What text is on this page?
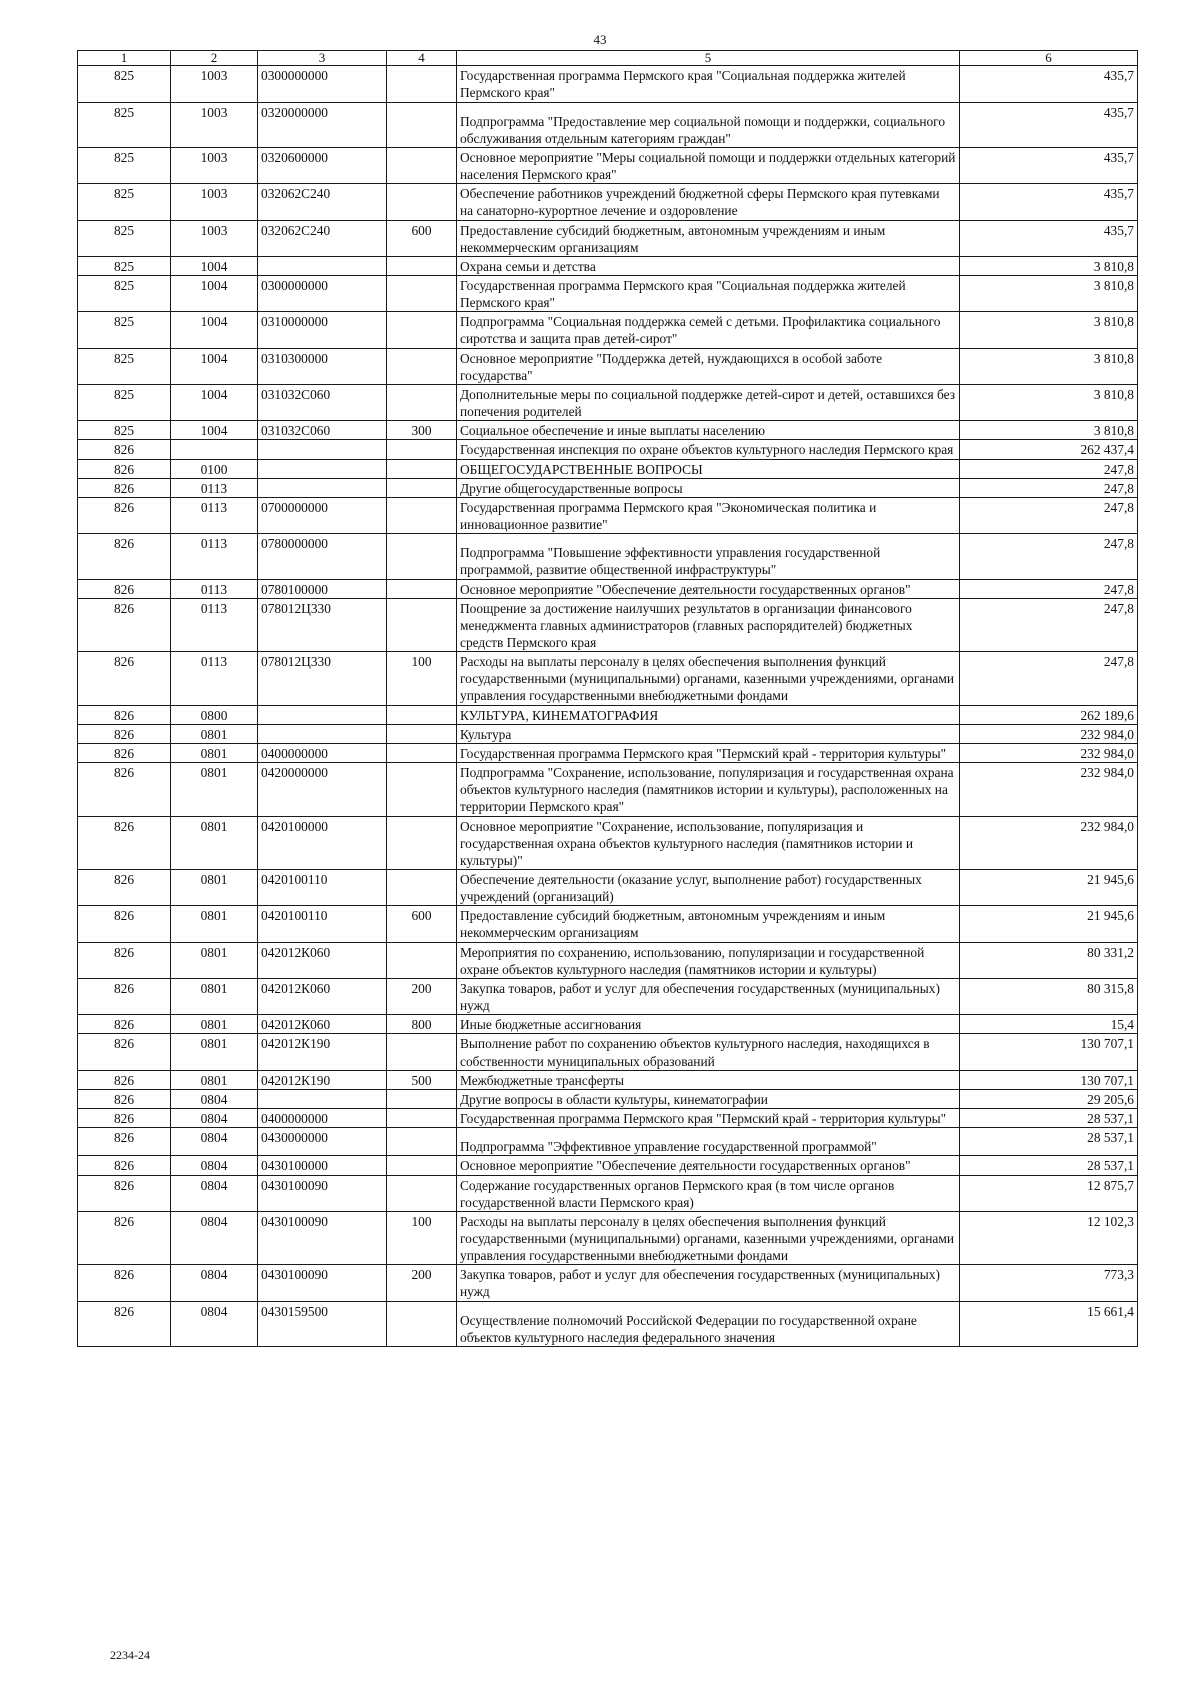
43
1	2	3	4	5	6
825	1003	0300000000		Государственная программа Пермского края "Социальная поддержка жителей Пермского края"	435,7
825	1003	0320000000		Подпрограмма "Предоставление мер социальной помощи и поддержки, социального обслуживания отдельным категориям граждан"	435,7
825	1003	0320600000		Основное мероприятие "Меры социальной помощи и поддержки отдельных категорий населения Пермского края"	435,7
825	1003	032062С240		Обеспечение работников учреждений бюджетной сферы Пермского края путевками на санаторно-курортное лечение и оздоровление	435,7
825	1003	032062С240	600	Предоставление субсидий бюджетным, автономным учреждениям и иным некоммерческим организациям	435,7
825	1004			Охрана семьи и детства	3 810,8
825	1004	0300000000		Государственная программа Пермского края "Социальная поддержка жителей Пермского края"	3 810,8
825	1004	0310000000		Подпрограмма "Социальная поддержка семей с детьми. Профилактика социального сиротства и защита прав детей-сирот"	3 810,8
825	1004	0310300000		Основное мероприятие "Поддержка детей, нуждающихся в особой заботе государства"	3 810,8
825	1004	031032С060		Дополнительные меры по социальной поддержке детей-сирот и детей, оставшихся без попечения родителей	3 810,8
825	1004	031032С060	300	Социальное обеспечение и иные выплаты населению	3 810,8
826				Государственная инспекция по охране объектов культурного наследия Пермского края	262 437,4
826	0100			ОБЩЕГОСУДАРСТВЕННЫЕ ВОПРОСЫ	247,8
826	0113			Другие общегосударственные вопросы	247,8
826	0113	0700000000		Государственная программа Пермского края "Экономическая политика и инновационное развитие"	247,8
826	0113	0780000000		Подпрограмма "Повышение эффективности управления государственной программой, развитие общественной инфраструктуры"	247,8
826	0113	0780100000		Основное мероприятие "Обеспечение деятельности государственных органов"	247,8
826	0113	078012Ц330		Поощрение за достижение наилучших результатов в организации финансового менеджмента главных администраторов (главных распорядителей) бюджетных средств Пермского края	247,8
826	0113	078012Ц330	100	Расходы на выплаты персоналу в целях обеспечения выполнения функций государственными (муниципальными) органами, казенными учреждениями, органами управления государственными внебюджетными фондами	247,8
826	0800			КУЛЬТУРА, КИНЕМАТОГРАФИЯ	262 189,6
826	0801			Культура	232 984,0
826	0801	0400000000		Государственная программа Пермского края "Пермский край - территория культуры"	232 984,0
826	0801	0420000000		Подпрограмма "Сохранение, использование, популяризация и государственная охрана объектов культурного наследия (памятников истории и культуры), расположенных на территории Пермского края"	232 984,0
826	0801	0420100000		Основное мероприятие "Сохранение, использование, популяризация и государственная охрана объектов культурного наследия (памятников истории и культуры)"	232 984,0
826	0801	0420100110		Обеспечение деятельности (оказание услуг, выполнение работ) государственных учреждений (организаций)	21 945,6
826	0801	0420100110	600	Предоставление субсидий бюджетным, автономным учреждениям и иным некоммерческим организациям	21 945,6
826	0801	042012К060		Мероприятия по сохранению, использованию, популяризации и государственной охране объектов культурного наследия (памятников истории и культуры)	80 331,2
826	0801	042012К060	200	Закупка товаров, работ и услуг для обеспечения государственных (муниципальных) нужд	80 315,8
826	0801	042012К060	800	Иные бюджетные ассигнования	15,4
826	0801	042012К190		Выполнение работ по сохранению объектов культурного наследия, находящихся в собственности муниципальных образований	130 707,1
826	0801	042012К190	500	Межбюджетные трансферты	130 707,1
826	0804			Другие вопросы в области культуры, кинематографии	29 205,6
826	0804	0400000000		Государственная программа Пермского края "Пермский край - территория культуры"	28 537,1
826	0804	0430000000		Подпрограмма "Эффективное управление государственной программой"	28 537,1
826	0804	0430100000		Основное мероприятие "Обеспечение деятельности государственных органов"	28 537,1
826	0804	0430100090		Содержание государственных органов Пермского края (в том числе органов государственной власти Пермского края)	12 875,7
826	0804	0430100090	100	Расходы на выплаты персоналу в целях обеспечения выполнения функций государственными (муниципальными) органами, казенными учреждениями, органами управления государственными внебюджетными фондами	12 102,3
826	0804	0430100090	200	Закупка товаров, работ и услуг для обеспечения государственных (муниципальных) нужд	773,3
826	0804	0430159500		Осуществление полномочий Российской Федерации по государственной охране объектов культурного наследия федерального значения	15 661,4
2234-24
